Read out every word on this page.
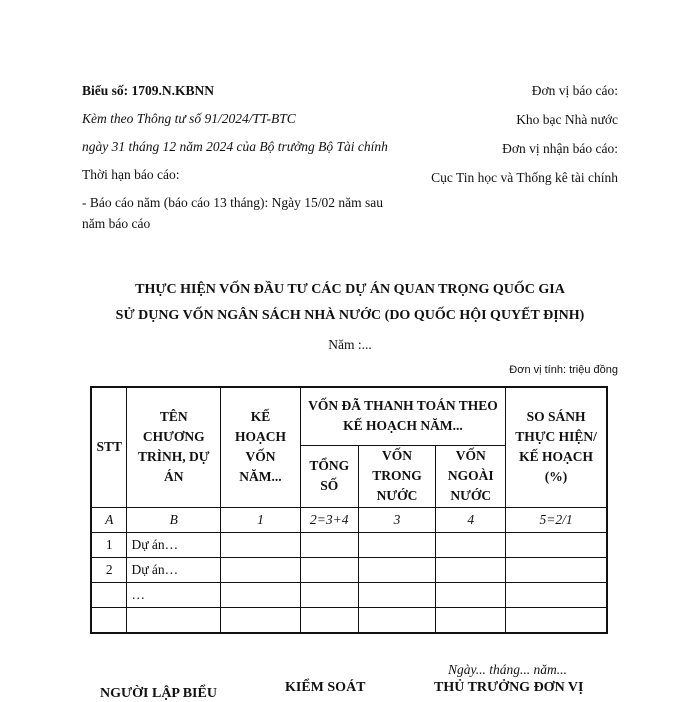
Biểu số: 1709.N.KBNN
Kèm theo Thông tư số 91/2024/TT-BTC
ngày 31 tháng 12 năm 2024 của Bộ trưởng Bộ Tài chính
Thời hạn báo cáo:
- Báo cáo năm (báo cáo 13 tháng): Ngày 15/02 năm sau năm báo cáo
Đơn vị báo cáo:
Kho bạc Nhà nước
Đơn vị nhận báo cáo:
Cục Tin học và Thống kê tài chính
THỰC HIỆN VỐN ĐẦU TƯ CÁC DỰ ÁN QUAN TRỌNG QUỐC GIA
SỬ DỤNG VỐN NGÂN SÁCH NHÀ NƯỚC (DO QUỐC HỘI QUYẾT ĐỊNH)
Năm :...
Đơn vị tính: triệu đồng
STT	TÊN CHƯƠNG TRÌNH, DỰ ÁN	KẾ HOẠCH VỐN NĂM...	VỐN ĐÃ THANH TOÁN THEO KẾ HOẠCH NĂM...			SO SÁNH THỰC HIỆN/ KẾ HOẠCH (%)
			TỔNG SỐ	VỐN TRONG NƯỚC	VỐN NGOÀI NƯỚC	
A	B	1	2=3+4	3	4	5=2/1
1	Dự án…					
2	Dự án…					
	…					

Ngày... tháng... năm...
NGƯỜI LẬP BIỂU	KIỂM SOÁT	THỦ TRƯỞNG ĐƠN VỊ
